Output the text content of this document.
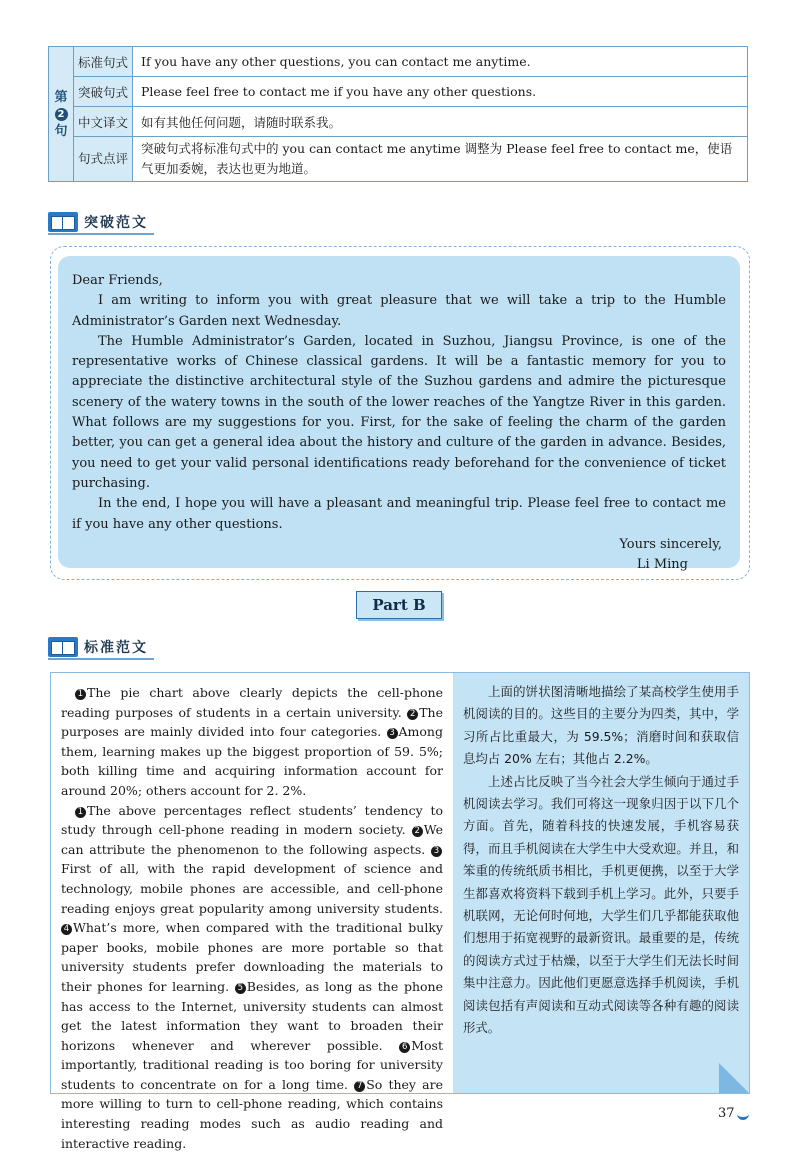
第
2
句	标准句式	If you have any other questions, you can contact me anytime.
	突破句式	Please feel free to contact me if you have any other questions.
	中文译文	如有其他任何问题，请随时联系我。
	句式点评	突破句式将标准句式中的 you can contact me anytime 调整为 Please feel free to contact me，使语气更加委婉，表达也更为地道。
突破范文

Dear Friends,

I am writing to inform you with great pleasure that we will take a trip to the Humble Administrator’s Garden next Wednesday.

The Humble Administrator’s Garden, located in Suzhou, Jiangsu Province, is one of the representative works of Chinese classical gardens. It will be a fantastic memory for you to appreciate the distinctive architectural style of the Suzhou gardens and admire the picturesque scenery of the watery towns in the south of the lower reaches of the Yangtze River in this garden. What follows are my suggestions for you. First, for the sake of feeling the charm of the garden better, you can get a general idea about the history and culture of the garden in advance. Besides, you need to get your valid personal identifications ready beforehand for the convenience of ticket purchasing.

In the end, I hope you will have a pleasant and meaningful trip. Please feel free to contact me if you have any other questions.

Yours sincerely,

Li Ming

Part B
标准范文

1 The pie chart above clearly depicts the cell-phone reading purposes of students in a certain university. 2 The purposes are mainly divided into four categories. 3 Among them, learning makes up the biggest proportion of 59. 5%; both killing time and acquiring information account for around 20%; others account for 2. 2%.

1 The above percentages reflect students’ tendency to study through cell-phone reading in modern society. 2 We can attribute the phenomenon to the following aspects. 3First of all, with the rapid development of science and technology, mobile phones are accessible, and cell-phone reading enjoys great popularity among university students. 4 What’s more, when compared with the traditional bulky paper books, mobile phones are more portable so that university students prefer downloading the materials to their phones for learning. 5 Besides, as long as the phone has access to the Internet, university students can almost get the latest information they want to broaden their horizons whenever and wherever possible. 6 Most importantly, traditional reading is too boring for university students to concentrate on for a long time. 7 So they are more willing to turn to cell-phone reading, which contains interesting reading modes such as audio reading and interactive reading.

上面的饼状图清晰地描绘了某高校学生使用手机阅读的目的。这些目的主要分为四类，其中，学习所占比重最大，为 59.5%；消磨时间和获取信息均占 20% 左右；其他占 2.2%。

上述占比反映了当今社会大学生倾向于通过手机阅读去学习。我们可将这一现象归因于以下几个方面。首先，随着科技的快速发展，手机容易获得，而且手机阅读在大学生中大受欢迎。并且，和笨重的传统纸质书相比，手机更便携，以至于大学生都喜欢将资料下载到手机上学习。此外，只要手机联网，无论何时何地，大学生们几乎都能获取他们想用于拓宽视野的最新资讯。最重要的是，传统的阅读方式过于枯燥，以至于大学生们无法长时间集中注意力。因此他们更愿意选择手机阅读，手机阅读包括有声阅读和互动式阅读等各种有趣的阅读形式。

37
